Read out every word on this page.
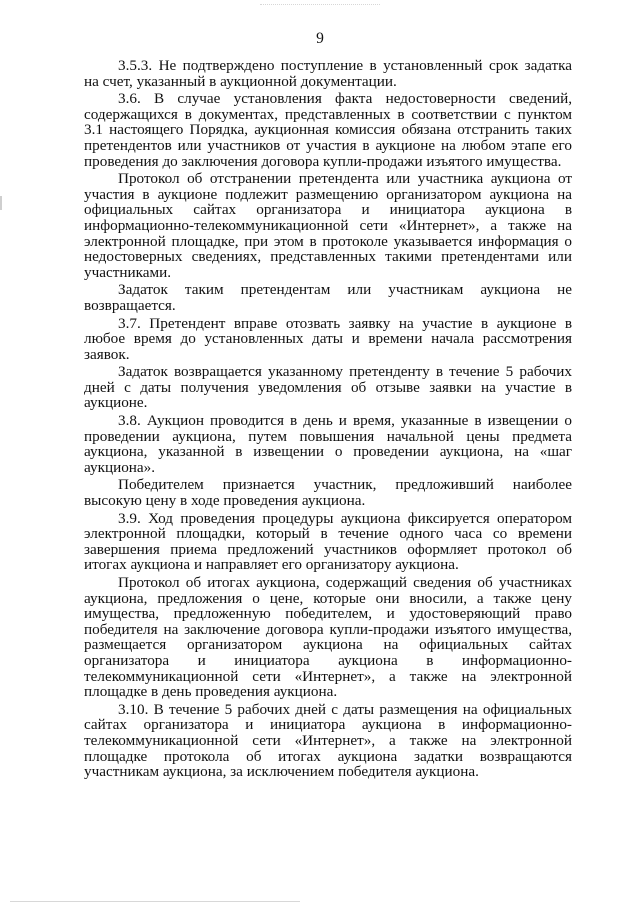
9

3.5.3. Не подтверждено поступление в установленный срок задатка на счет, указанный в аукционной документации.

3.6. В случае установления факта недостоверности сведений, содержащихся в документах, представленных в соответствии с пунктом 3.1 настоящего Порядка, аукционная комиссия обязана отстранить таких претендентов или участников от участия в аукционе на любом этапе его проведения до заключения договора купли-продажи изъятого имущества.

Протокол об отстранении претендента или участника аукциона от участия в аукционе подлежит размещению организатором аукциона на официальных сайтах организатора и инициатора аукциона в информационно-телекоммуникационной сети «Интернет», а также на электронной площадке, при этом в протоколе указывается информация о недостоверных сведениях, представленных такими претендентами или участниками.

Задаток таким претендентам или участникам аукциона не возвращается.

3.7. Претендент вправе отозвать заявку на участие в аукционе в любое время до установленных даты и времени начала рассмотрения заявок.

Задаток возвращается указанному претенденту в течение 5 рабочих дней с даты получения уведомления об отзыве заявки на участие в аукционе.

3.8. Аукцион проводится в день и время, указанные в извещении о проведении аукциона, путем повышения начальной цены предмета аукциона, указанной в извещении о проведении аукциона, на «шаг аукциона».

Победителем признается участник, предложивший наиболее высокую цену в ходе проведения аукциона.

3.9. Ход проведения процедуры аукциона фиксируется оператором электронной площадки, который в течение одного часа со времени завершения приема предложений участников оформляет протокол об итогах аукциона и направляет его организатору аукциона.

Протокол об итогах аукциона, содержащий сведения об участниках аукциона, предложения о цене, которые они вносили, а также цену имущества, предложенную победителем, и удостоверяющий право победителя на заключение договора купли-продажи изъятого имущества, размещается организатором аукциона на официальных сайтах организатора и инициатора аукциона в информационно-телекоммуникационной сети «Интернет», а также на электронной площадке в день проведения аукциона.

3.10. В течение 5 рабочих дней с даты размещения на официальных сайтах организатора и инициатора аукциона в информационно-телекоммуникационной сети «Интернет», а также на электронной площадке протокола об итогах аукциона задатки возвращаются участникам аукциона, за исключением победителя аукциона.
